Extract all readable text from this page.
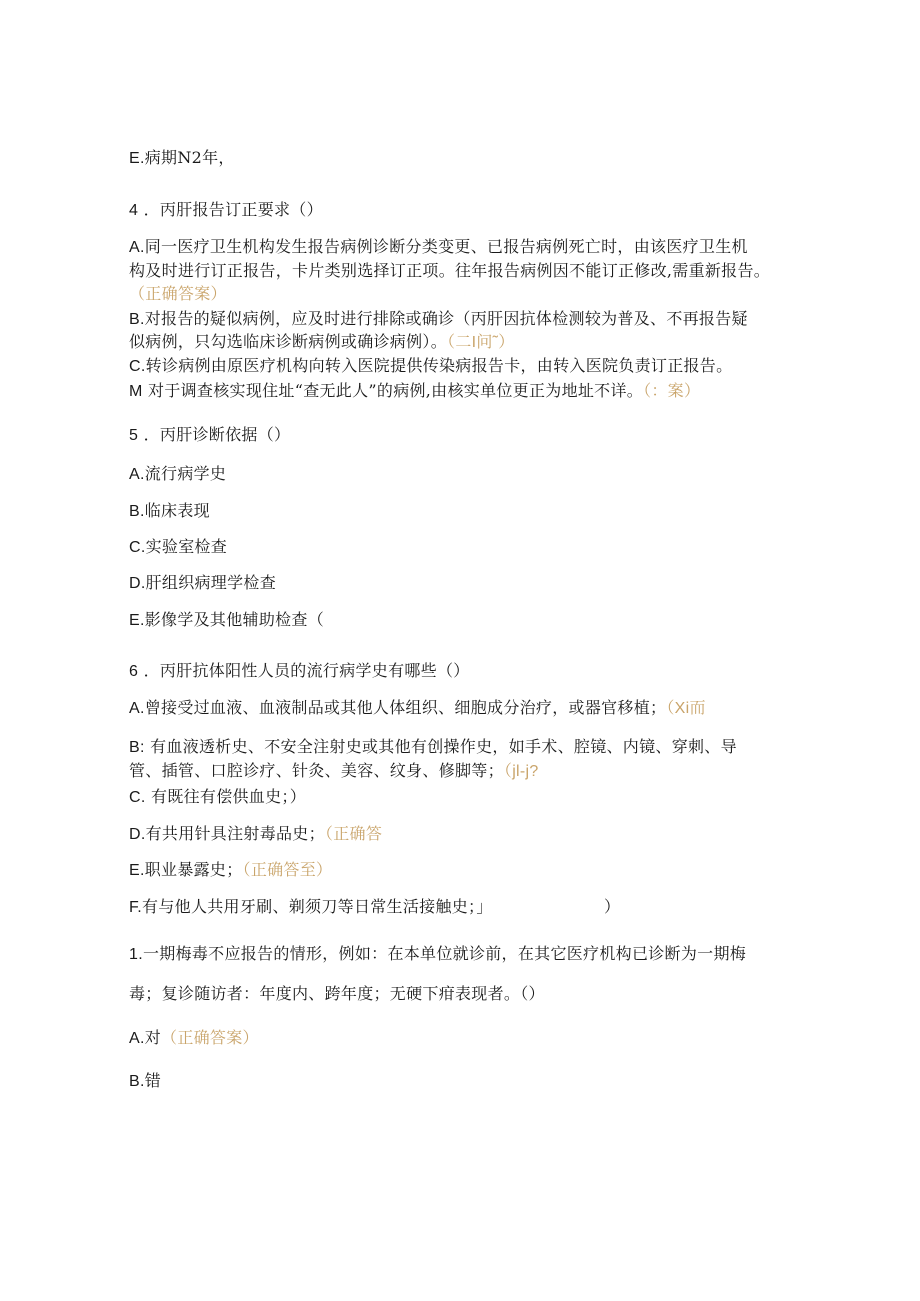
E.病期N2年，
4 ．丙肝报告订正要求（）
A.同一医疗卫生机构发生报告病例诊断分类变更、已报告病例死亡时，由该医疗卫生机
构及时进行订正报告，卡片类别选择订正项。往年报告病例因不能订正修改,需重新报告。
（正确答案）
B.对报告的疑似病例，应及时进行排除或确诊（丙肝因抗体检测较为普及、不再报告疑
似病例，只勾选临床诊断病例或确诊病例）。（二I问˜）
C.转诊病例由原医疗机构向转入医院提供传染病报告卡，由转入医院负责订正报告。
M 对于调查核实现住址“查无此人”的病例,由核实单位更正为地址不详。（：案）
5 ．丙肝诊断依据（）
A.流行病学史
B.临床表现
C.实验室检查
D.肝组织病理学检查
E.影像学及其他辅助检查（
6 ．丙肝抗体阳性人员的流行病学史有哪些（）
A.曾接受过血液、血液制品或其他人体组织、细胞成分治疗，或器官移植；（Xi而
B: 有血液透析史、不安全注射史或其他有创操作史，如手术、腔镜、内镜、穿刺、导
管、插管、口腔诊疗、针灸、美容、纹身、修脚等；（jl-j?
C. 有既往有偿供血史；）
D.有共用针具注射毒品史；（正确答
E.职业暴露史；（正确答至）
F.有与他人共用牙刷、剃须刀等日常生活接触史；」	）
1.一期梅毒不应报告的情形，例如：在本单位就诊前，在其它医疗机构已诊断为一期梅
毒；复诊随访者：年度内、跨年度；无硬下疳表现者。（）
A.对（正确答案）
B.错
